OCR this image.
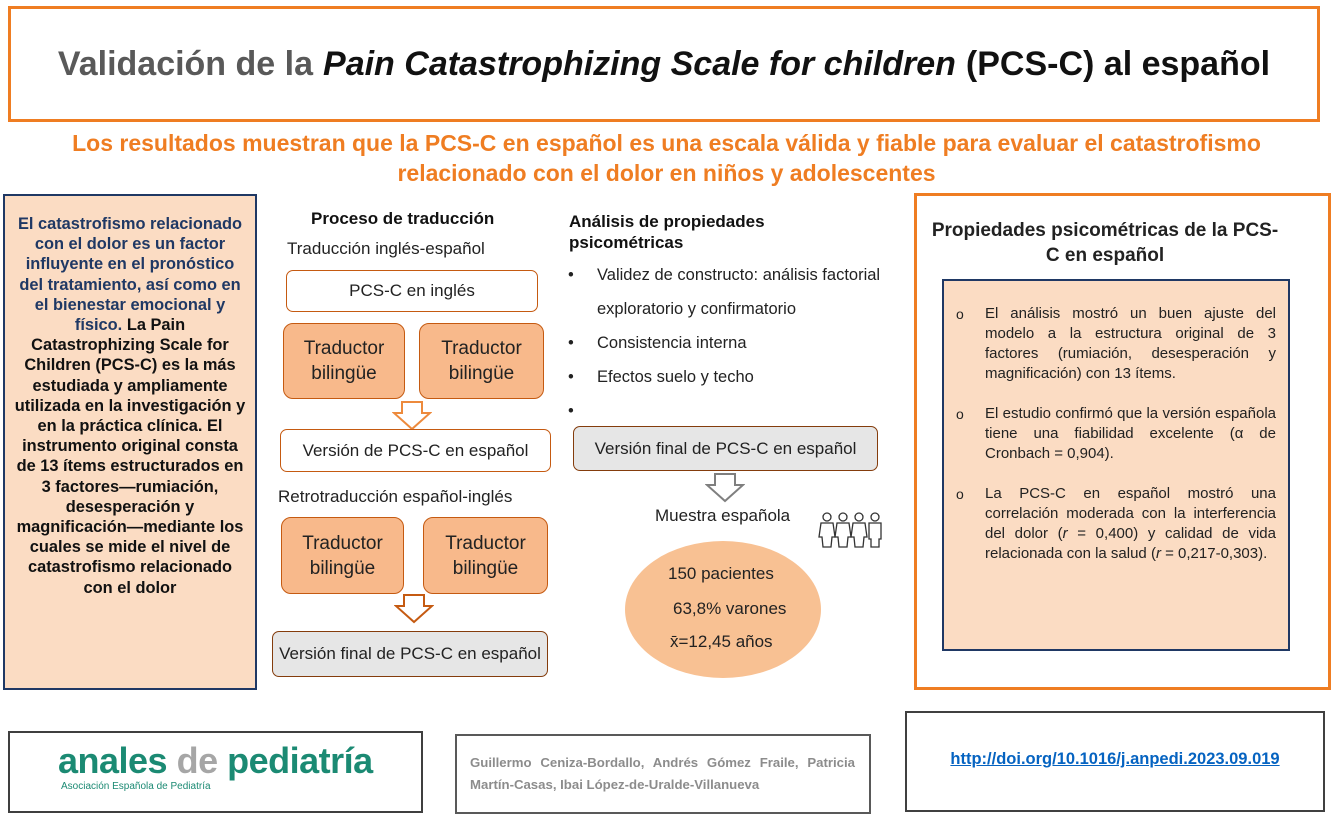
Validación de la Pain Catastrophizing Scale for children (PCS-C) al español
Los resultados muestran que la PCS-C en español es una escala válida y fiable para evaluar el catastrofismo relacionado con el dolor en niños y adolescentes
El catastrofismo relacionado con el dolor es un factor influyente en el pronóstico del tratamiento, así como en el bienestar emocional y físico. La Pain Catastrophizing Scale for Children (PCS-C) es la más estudiada y ampliamente utilizada en la investigación y en la práctica clínica. El instrumento original consta de 13 ítems estructurados en 3 factores—rumiación, desesperación y magnificación—mediante los cuales se mide el nivel de catastrofismo relacionado con el dolor
Proceso de traducción
Traducción inglés-español
PCS-C en inglés
Traductor bilingüe
Traductor bilingüe
Versión de PCS-C en español
Retrotraducción español-inglés
Traductor bilingüe
Traductor bilingüe
Versión final de PCS-C en español
Análisis de propiedades psicométricas
• Validez de constructo: análisis factorial exploratorio y confirmatorio
• Consistencia interna
• Efectos suelo y techo
•
Versión final de PCS-C en español
Muestra española
150 pacientes
63,8% varones
x̄=12,45 años
Propiedades psicométricas de la PCS-C en español
o El análisis mostró un buen ajuste del modelo a la estructura original de 3 factores (rumiación, desesperación y magnificación) con 13 ítems.
o El estudio confirmó que la versión española tiene una fiabilidad excelente (α de Cronbach = 0,904).
o La PCS-C en español mostró una correlación moderada con la interferencia del dolor (r = 0,400) y calidad de vida relacionada con la salud (r = 0,217-0,303).
anales de pediatría
Asociación Española de Pediatría
Guillermo Ceniza-Bordallo, Andrés Gómez Fraile, Patricia Martín-Casas, Ibai López-de-Uralde-Villanueva
http://doi.org/10.1016/j.anpedi.2023.09.019
